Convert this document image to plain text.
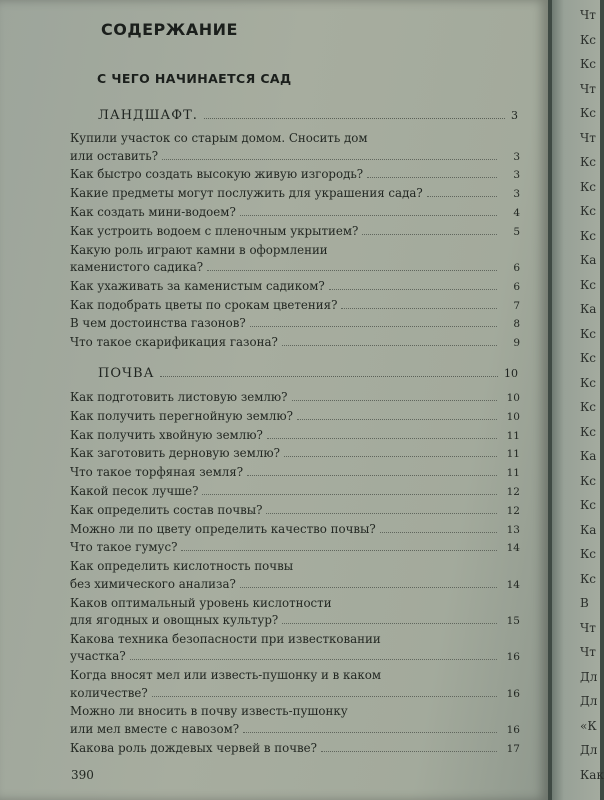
СОДЕРЖАНИЕ
С ЧЕГО НАЧИНАЕТСЯ САД
ЛАНДШАФТ.	3
Купили участок со старым домом. Сносить дом
или оставить?	3
Как быстро создать высокую живую изгородь?	3
Какие предметы могут послужить для украшения сада?	3
Как создать мини-водоем?	4
Как устроить водоем с пленочным укрытием?	5
Какую роль играют камни в оформлении
каменистого садика?	6
Как ухаживать за каменистым садиком?	6
Как подобрать цветы по срокам цветения?	7
В чем достоинства газонов?	8
Что такое скарификация газона?	9
ПОЧВА	10
Как подготовить листовую землю?	10
Как получить перегнойную землю?	10
Как получить хвойную землю?	11
Как заготовить дерновую землю?	11
Что такое торфяная земля?	11
Какой песок лучше?	12
Как определить состав почвы?	12
Можно ли по цвету определить качество почвы?	13
Что такое гумус?	14
Как определить кислотность почвы
без химического анализа?	14
Каков оптимальный уровень кислотности
для ягодных и овощных культур?	15
Какова техника безопасности при известковании
участка?	16
Когда вносят мел или известь-пушонку и в каком
количестве?	16
Можно ли вносить в почву известь-пушонку
или мел вместе с навозом?	16
Какова роль дождевых червей в почве?	17
390
Чт
Кс
Кс
Чт
Кс
Чт
Кс
Кс
Кс
Кс
Ка
Кс
Ка
Кс
Кс
Кс
Кс
Кс
Ка
Кс
Кс
Ка
Кс
Кс
В
Чт
Чт
Дл
Дл
«К
Дл
Как
